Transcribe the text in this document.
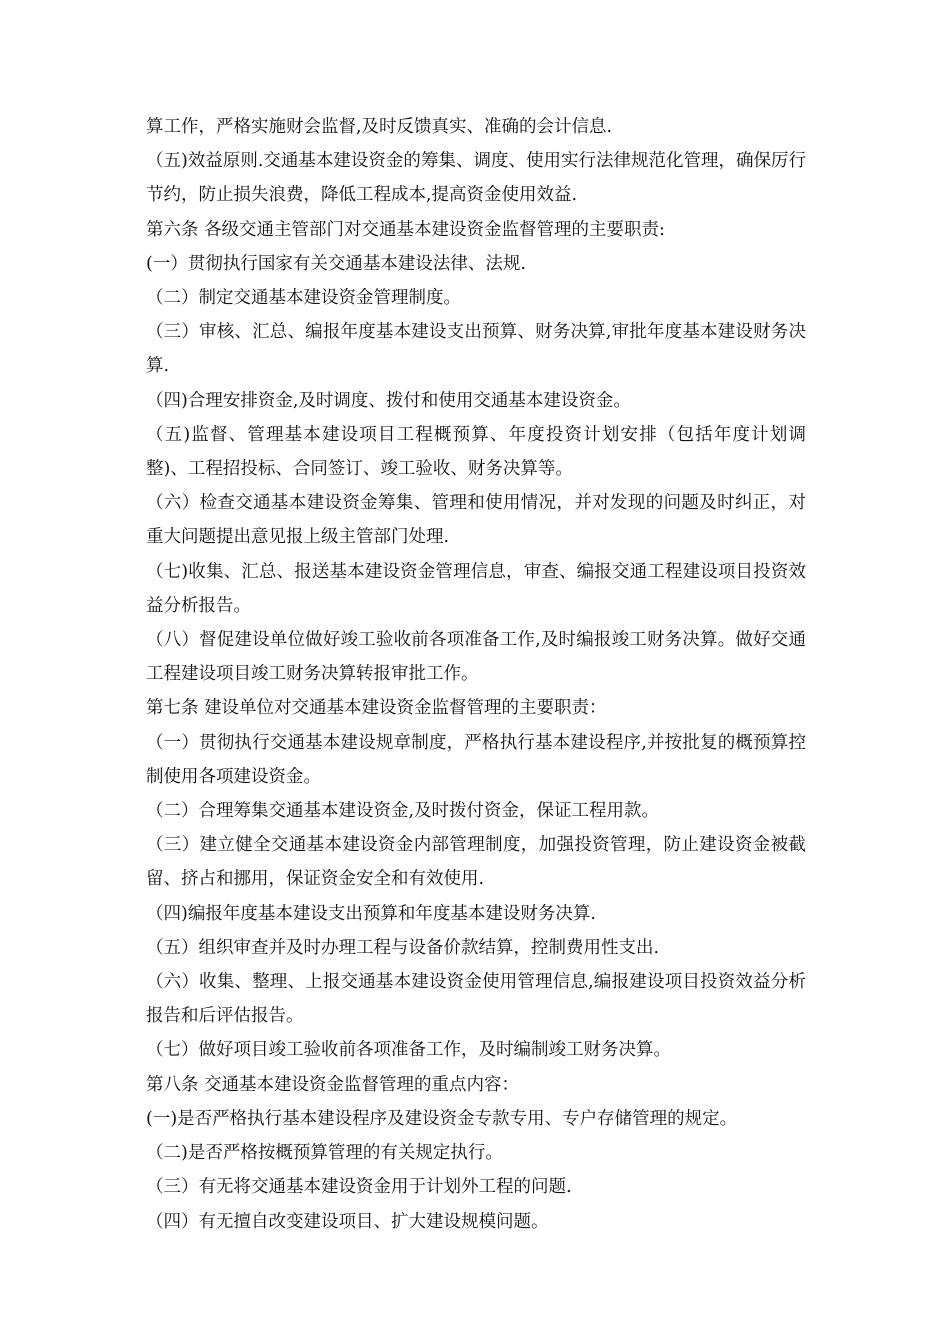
算工作，严格实施财会监督,及时反馈真实、准确的会计信息.

（五)效益原则.交通基本建设资金的筹集、调度、使用实行法律规范化管理，确保厉行节约，防止损失浪费，降低工程成本,提高资金使用效益.

第六条 各级交通主管部门对交通基本建设资金监督管理的主要职责:

(一）贯彻执行国家有关交通基本建设法律、法规.

（二）制定交通基本建设资金管理制度。

（三）审核、汇总、编报年度基本建设支出预算、财务决算,审批年度基本建设财务决算.

（四)合理安排资金,及时调度、拨付和使用交通基本建设资金。

（五)监督、管理基本建设项目工程概预算、年度投资计划安排（包括年度计划调整)、工程招投标、合同签订、竣工验收、财务决算等。

（六）检查交通基本建设资金筹集、管理和使用情况，并对发现的问题及时纠正，对重大问题提出意见报上级主管部门处理.

（七)收集、汇总、报送基本建设资金管理信息，审查、编报交通工程建设项目投资效益分析报告。

（八）督促建设单位做好竣工验收前各项准备工作,及时编报竣工财务决算。做好交通工程建设项目竣工财务决算转报审批工作。

第七条 建设单位对交通基本建设资金监督管理的主要职责：

（一）贯彻执行交通基本建设规章制度，严格执行基本建设程序,并按批复的概预算控制使用各项建设资金。

（二）合理筹集交通基本建设资金,及时拨付资金，保证工程用款。

（三）建立健全交通基本建设资金内部管理制度，加强投资管理，防止建设资金被截留、挤占和挪用，保证资金安全和有效使用.

（四)编报年度基本建设支出预算和年度基本建设财务决算.

（五）组织审查并及时办理工程与设备价款结算，控制费用性支出.

（六）收集、整理、上报交通基本建设资金使用管理信息,编报建设项目投资效益分析报告和后评估报告。

（七）做好项目竣工验收前各项准备工作，及时编制竣工财务决算。

第八条 交通基本建设资金监督管理的重点内容：

(一)是否严格执行基本建设程序及建设资金专款专用、专户存储管理的规定。

（二)是否严格按概预算管理的有关规定执行。

（三）有无将交通基本建设资金用于计划外工程的问题.

（四）有无擅自改变建设项目、扩大建设规模问题。
